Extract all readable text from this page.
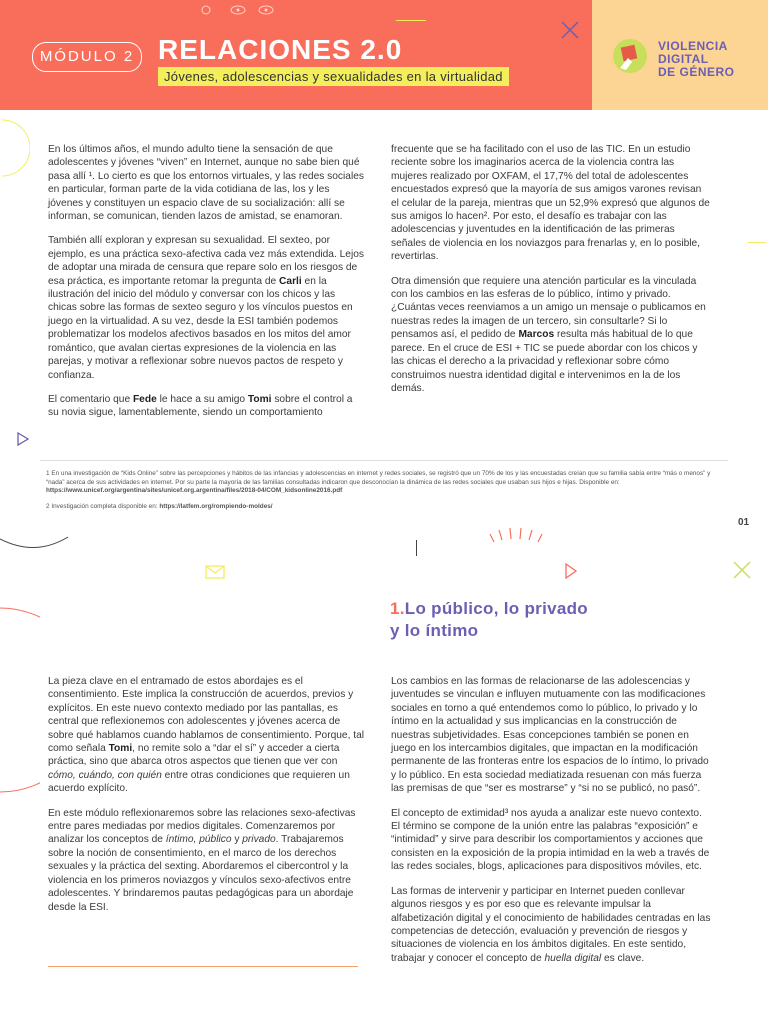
MÓDULO 2 RELACIONES 2.0
Jóvenes, adolescencias y sexualidades en la virtualidad
VIOLENCIA
DIGITAL
DE GÉNERO

En los últimos años, el mundo adulto tiene la sensación de que adolescentes y jóvenes “viven” en Internet, aunque no sabe bien qué pasa allí ¹. Lo cierto es que los entornos virtuales, y las redes sociales en particular, forman parte de la vida cotidiana de las, los y les jóvenes y constituyen un espacio clave de su socialización: allí se informan, se comunican, tienden lazos de amistad, se enamoran.

También allí exploran y expresan su sexualidad. El sexteo, por ejemplo, es una práctica sexo-afectiva cada vez más extendida. Lejos de adoptar una mirada de censura que repare solo en los riesgos de esa práctica, es importante retomar la pregunta de Carli en la ilustración del inicio del módulo y conversar con los chicos y las chicas sobre las formas de sexteo seguro y los vínculos puestos en juego en la virtualidad. A su vez, desde la ESI también podemos problematizar los modelos afectivos basados en los mitos del amor romántico, que avalan ciertas expresiones de la violencia en las parejas, y motivar a reflexionar sobre nuevos pactos de respeto y confianza.

El comentario que Fede le hace a su amigo Tomi sobre el control a su novia sigue, lamentablemente, siendo un comportamiento

frecuente que se ha facilitado con el uso de las TIC. En un estudio reciente sobre los imaginarios acerca de la violencia contra las mujeres realizado por OXFAM, el 17,7% del total de adolescentes encuestados expresó que la mayoría de sus amigos varones revisan el celular de la pareja, mientras que un 52,9% expresó que algunos de sus amigos lo hacen². Por esto, el desafío es trabajar con las adolescencias y juventudes en la identificación de las primeras señales de violencia en los noviazgos para frenarlas y, en lo posible, revertirlas.

Otra dimensión que requiere una atención particular es la vinculada con los cambios en las esferas de lo público, íntimo y privado. ¿Cuántas veces reenviamos a un amigo un mensaje o publicamos en nuestras redes la imagen de un tercero, sin consultarle? Si lo pensamos así, el pedido de Marcos resulta más habitual de lo que parece. En el cruce de ESI + TIC se puede abordar con los chicos y las chicas el derecho a la privacidad y reflexionar sobre cómo construimos nuestra identidad digital e intervenimos en la de los demás.

1 En una investigación de “Kids Online” sobre las percepciones y hábitos de las infancias y adolescencias en internet y redes sociales, se registró que un 70% de los y las encuestadas creían que su familia sabía entre “más o menos” y “nada” acerca de sus actividades en internet. Por su parte la mayoría de las familias consultadas indicaron que desconocían la dinámica de las redes sociales que usaban sus hijos e hijas. Disponible en: https://www.unicef.org/argentina/sites/unicef.org.argentina/files/2018-04/COM_kidsonline2016.pdf

2 Investigación completa disponible en: https://latfem.org/rompiendo-moldes/

01
1.Lo público, lo privado
y lo íntimo

La pieza clave en el entramado de estos abordajes es el consentimiento. Este implica la construcción de acuerdos, previos y explícitos. En este nuevo contexto mediado por las pantallas, es central que reflexionemos con adolescentes y jóvenes acerca de sobre qué hablamos cuando hablamos de consentimiento. Porque, tal como señala Tomi, no remite solo a “dar el sí” y acceder a cierta práctica, sino que abarca otros aspectos que tienen que ver con cómo, cuándo, con quién entre otras condiciones que requieren un acuerdo explícito.

En este módulo reflexionaremos sobre las relaciones sexo-afectivas entre pares mediadas por medios digitales. Comenzaremos por analizar los conceptos de íntimo, público y privado. Trabajaremos sobre la noción de consentimiento, en el marco de los derechos sexuales y la práctica del sexting. Abordaremos el cibercontrol y la violencia en los primeros noviazgos y vínculos sexo-afectivos entre adolescentes. Y brindaremos pautas pedagógicas para un abordaje desde la ESI.

Los cambios en las formas de relacionarse de las adolescencias y juventudes se vinculan e influyen mutuamente con las modificaciones sociales en torno a qué entendemos como lo público, lo privado y lo íntimo en la actualidad y sus implicancias en la construcción de nuestras subjetividades. Esas concepciones también se ponen en juego en los intercambios digitales, que impactan en la modificación permanente de las fronteras entre los espacios de lo íntimo, lo privado y lo público. En esta sociedad mediatizada resuenan con más fuerza las premisas de que “ser es mostrarse” y “si no se publicó, no pasó”.

El concepto de extimidad³ nos ayuda a analizar este nuevo contexto. El término se compone de la unión entre las palabras “exposición” e “intimidad” y sirve para describir los comportamientos y acciones que consisten en la exposición de la propia intimidad en la web a través de las redes sociales, blogs, aplicaciones para dispositivos móviles, etc.

Las formas de intervenir y participar en Internet pueden conllevar algunos riesgos y es por eso que es relevante impulsar la alfabetización digital y el conocimiento de habilidades centradas en las competencias de detección, evaluación y prevención de riesgos y situaciones de violencia en los ámbitos digitales. En este sentido, trabajar y conocer el concepto de huella digital es clave.
